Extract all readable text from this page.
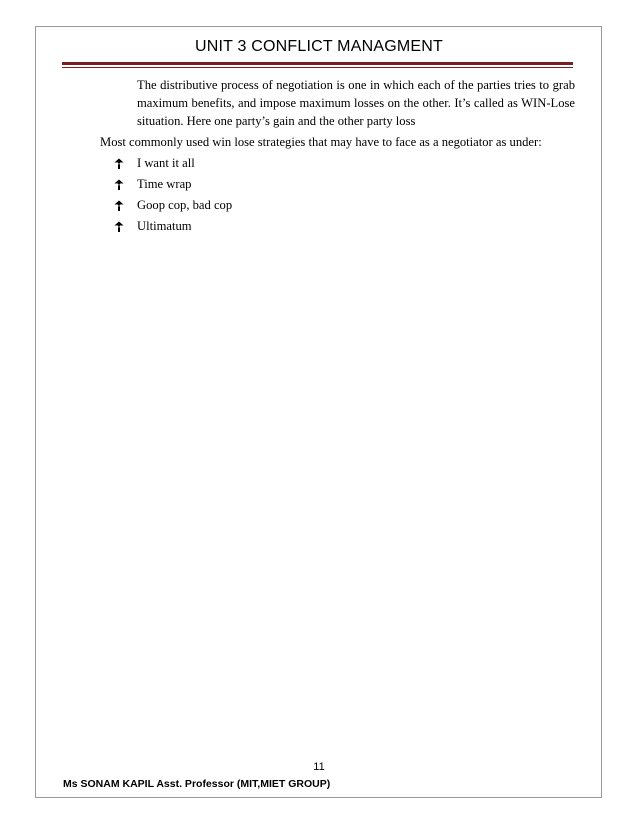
UNIT 3 CONFLICT MANAGMENT
The distributive process of negotiation is one in which each of the parties tries to grab maximum benefits, and impose maximum losses on the other. It’s called as WIN-Lose situation. Here one party’s gain and the other party loss
Most commonly used win lose strategies that may have to face as a negotiator as under:
I want it all
Time wrap
Goop cop, bad cop
Ultimatum
11
Ms SONAM KAPIL Asst. Professor (MIT,MIET GROUP)
